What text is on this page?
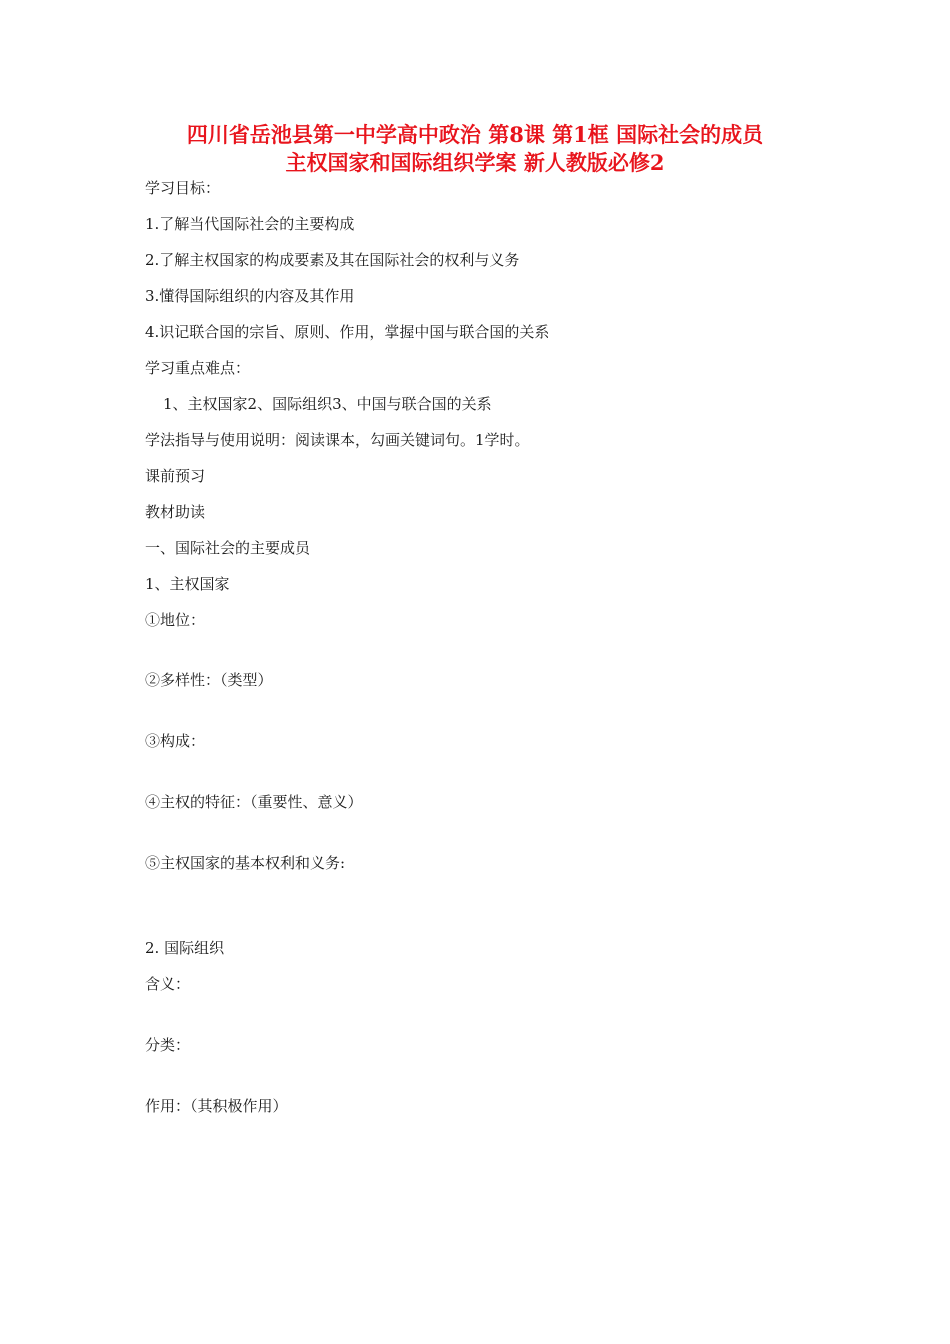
四川省岳池县第一中学高中政治 第8课 第1框 国际社会的成员
主权国家和国际组织学案 新人教版必修2
学习目标：
1.了解当代国际社会的主要构成
2.了解主权国家的构成要素及其在国际社会的权利与义务
3.懂得国际组织的内容及其作用
4.识记联合国的宗旨、原则、作用，掌握中国与联合国的关系
学习重点难点：
1、主权国家2、国际组织3、中国与联合国的关系
学法指导与使用说明：阅读课本，勾画关键词句。1学时。
课前预习
教材助读
一、国际社会的主要成员
1、主权国家
①地位：
②多样性：（类型）
③构成：
④主权的特征：（重要性、意义）
⑤主权国家的基本权利和义务:
2. 国际组织
含义：
分类：
作用：（其积极作用）
